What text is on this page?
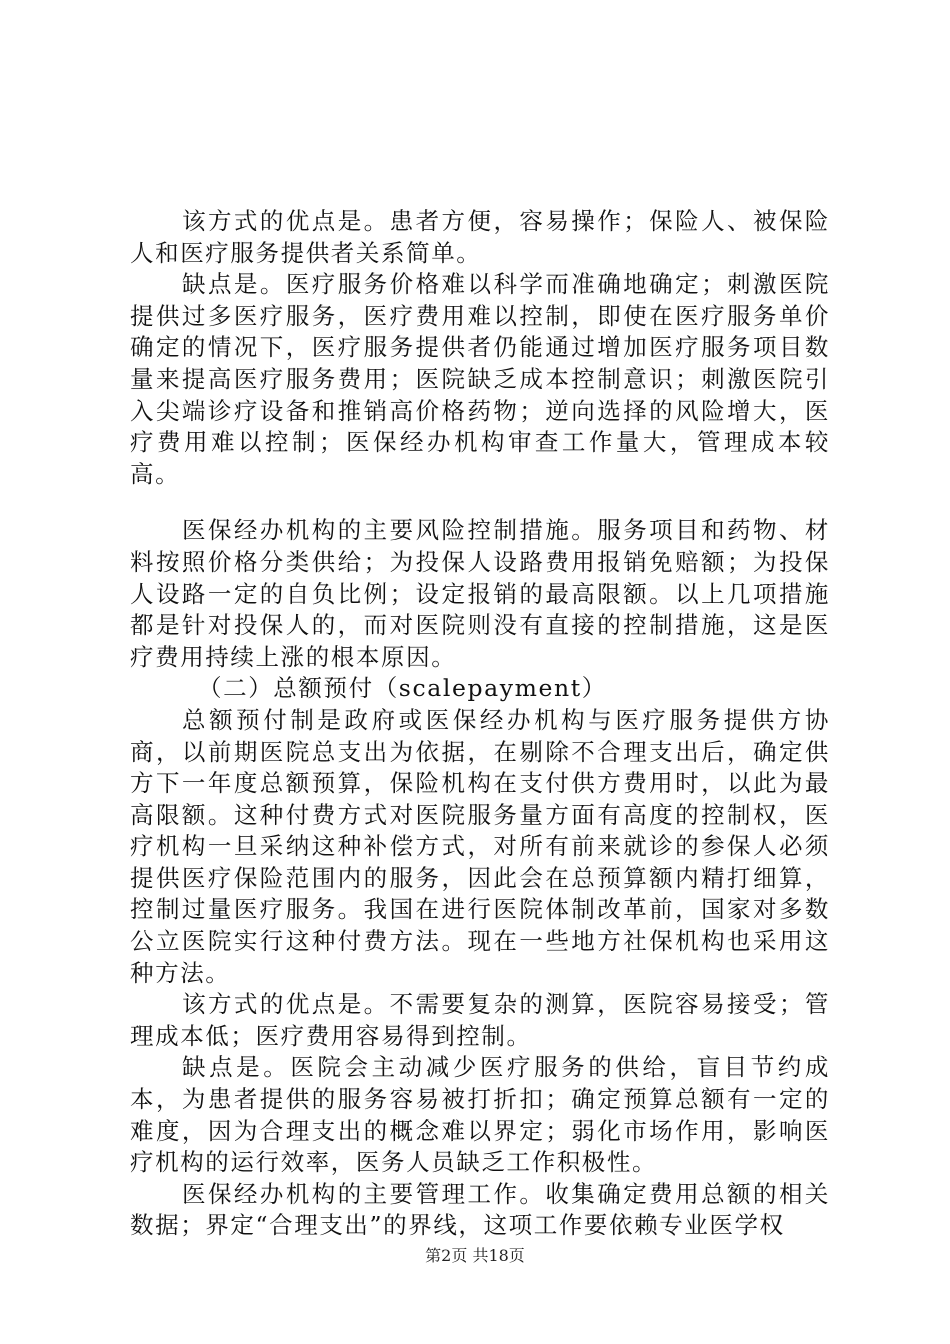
该方式的优点是。患者方便，容易操作；保险人、被保险人和医疗服务提供者关系简单。

缺点是。医疗服务价格难以科学而准确地确定；刺激医院提供过多医疗服务，医疗费用难以控制，即使在医疗服务单价确定的情况下，医疗服务提供者仍能通过增加医疗服务项目数量来提高医疗服务费用；医院缺乏成本控制意识；刺激医院引入尖端诊疗设备和推销高价格药物；逆向选择的风险增大，医疗费用难以控制；医保经办机构审查工作量大，管理成本较高。

医保经办机构的主要风险控制措施。服务项目和药物、材料按照价格分类供给；为投保人设路费用报销免赔额；为投保人设路一定的自负比例；设定报销的最高限额。以上几项措施都是针对投保人的，而对医院则没有直接的控制措施，这是医疗费用持续上涨的根本原因。

（二）总额预付（scalepayment）

总额预付制是政府或医保经办机构与医疗服务提供方协商，以前期医院总支出为依据，在剔除不合理支出后，确定供方下一年度总额预算，保险机构在支付供方费用时，以此为最高限额。这种付费方式对医院服务量方面有高度的控制权，医疗机构一旦采纳这种补偿方式，对所有前来就诊的参保人必须提供医疗保险范围内的服务，因此会在总预算额内精打细算，控制过量医疗服务。我国在进行医院体制改革前，国家对多数公立医院实行这种付费方法。现在一些地方社保机构也采用这种方法。

该方式的优点是。不需要复杂的测算，医院容易接受；管理成本低；医疗费用容易得到控制。

缺点是。医院会主动减少医疗服务的供给，盲目节约成本，为患者提供的服务容易被打折扣；确定预算总额有一定的难度，因为合理支出的概念难以界定；弱化市场作用，影响医疗机构的运行效率，医务人员缺乏工作积极性。

医保经办机构的主要管理工作。收集确定费用总额的相关数据；界定“合理支出”的界线，这项工作要依赖专业医学权

第2页 共18页
